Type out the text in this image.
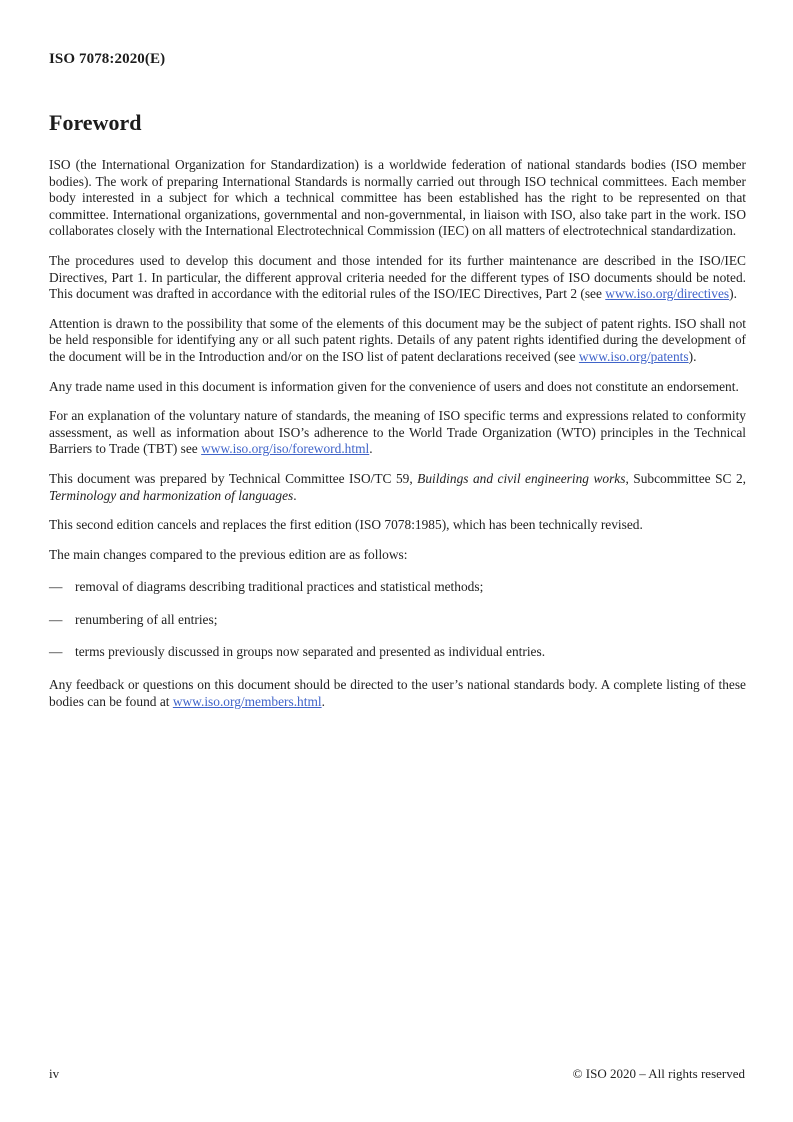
ISO 7078:2020(E)
Foreword

ISO (the International Organization for Standardization) is a worldwide federation of national standards bodies (ISO member bodies). The work of preparing International Standards is normally carried out through ISO technical committees. Each member body interested in a subject for which a technical committee has been established has the right to be represented on that committee. International organizations, governmental and non-governmental, in liaison with ISO, also take part in the work. ISO collaborates closely with the International Electrotechnical Commission (IEC) on all matters of electrotechnical standardization.

The procedures used to develop this document and those intended for its further maintenance are described in the ISO/IEC Directives, Part 1. In particular, the different approval criteria needed for the different types of ISO documents should be noted. This document was drafted in accordance with the editorial rules of the ISO/IEC Directives, Part 2 (see www.iso.org/directives).

Attention is drawn to the possibility that some of the elements of this document may be the subject of patent rights. ISO shall not be held responsible for identifying any or all such patent rights. Details of any patent rights identified during the development of the document will be in the Introduction and/or on the ISO list of patent declarations received (see www.iso.org/patents).

Any trade name used in this document is information given for the convenience of users and does not constitute an endorsement.

For an explanation of the voluntary nature of standards, the meaning of ISO specific terms and expressions related to conformity assessment, as well as information about ISO’s adherence to the World Trade Organization (WTO) principles in the Technical Barriers to Trade (TBT) see www.iso.org/iso/foreword.html.

This document was prepared by Technical Committee ISO/TC 59, Buildings and civil engineering works, Subcommittee SC 2, Terminology and harmonization of languages.

This second edition cancels and replaces the first edition (ISO 7078:1985), which has been technically revised.

The main changes compared to the previous edition are as follows:

— removal of diagrams describing traditional practices and statistical methods;
— renumbering of all entries;
— terms previously discussed in groups now separated and presented as individual entries.

Any feedback or questions on this document should be directed to the user’s national standards body. A complete listing of these bodies can be found at www.iso.org/members.html.

iv	© ISO 2020 – All rights reserved
